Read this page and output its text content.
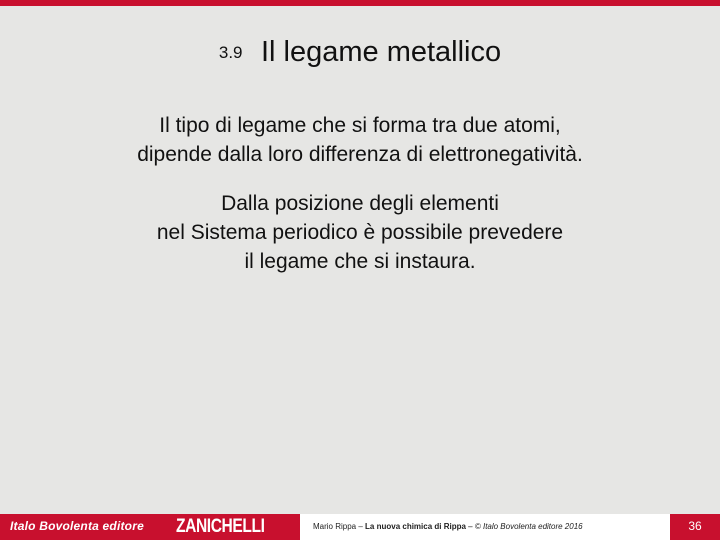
3.9 Il legame metallico
Il tipo di legame che si forma tra due atomi,
dipende dalla loro differenza di elettronegatività.
Dalla posizione degli elementi
nel Sistema periodico è possibile prevedere
il legame che si instaura.
Italo Bovolenta editore ZANICHELLI	Mario Rippa – La nuova chimica di Rippa – © Italo Bovolenta editore 2016	36
